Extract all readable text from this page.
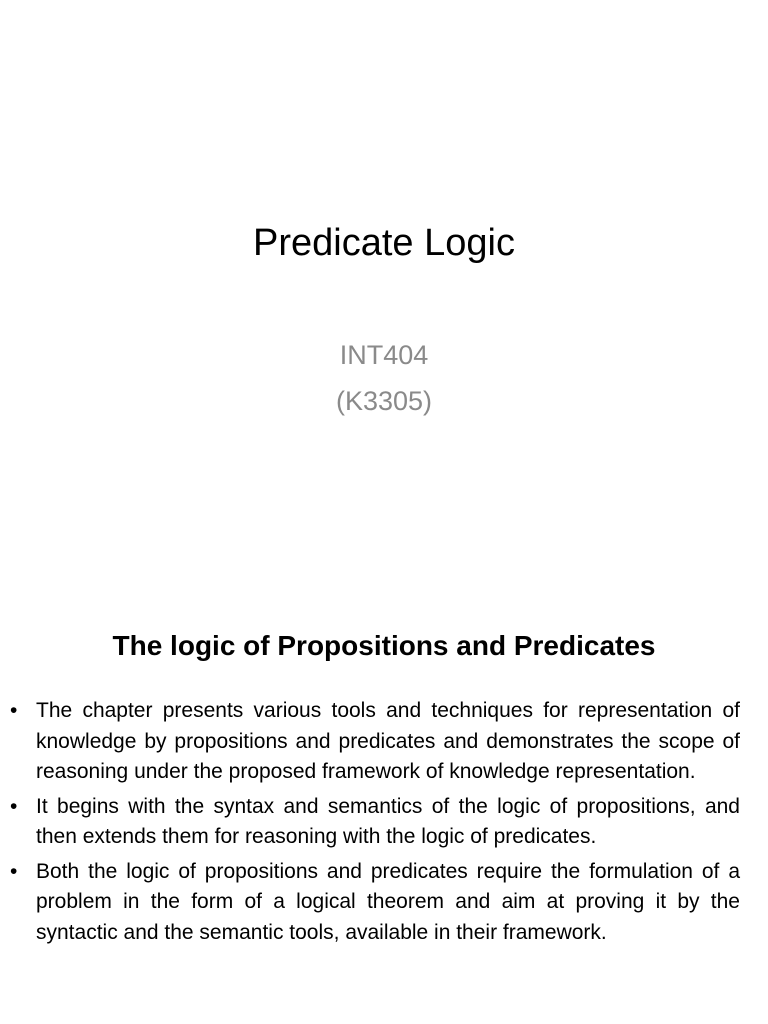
Predicate Logic
INT404
(K3305)
The logic of Propositions and Predicates
• The chapter presents various tools and techniques for representation of knowledge by propositions and predicates and demonstrates the scope of reasoning under the proposed framework of knowledge representation.
• It begins with the syntax and semantics of the logic of propositions, and then extends them for reasoning with the logic of predicates.
• Both the logic of propositions and predicates require the formulation of a problem in the form of a logical theorem and aim at proving it by the syntactic and the semantic tools, available in their framework.
